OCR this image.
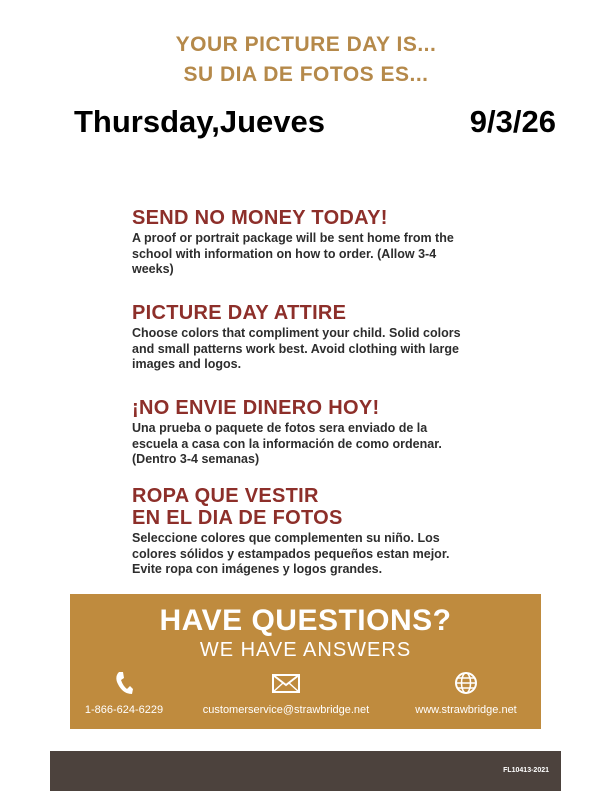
YOUR PICTURE DAY IS...
SU DIA DE FOTOS ES...
Thursday,Jueves	9/3/26
SEND NO MONEY TODAY!
A proof or portrait package will be sent home from the school with information on how to order. (Allow 3-4 weeks)
PICTURE DAY ATTIRE
Choose colors that compliment your child. Solid colors and small patterns work best. Avoid clothing with large images and logos.
¡NO ENVIE DINERO HOY!
Una prueba o paquete de fotos sera enviado de la escuela a casa con la información de como ordenar. (Dentro 3-4 semanas)
ROPA QUE VESTIR
EN EL DIA DE FOTOS
Seleccione colores que complementen su niño. Los colores sólidos y estampados pequeños estan mejor. Evite ropa con imágenes y logos grandes.
HAVE QUESTIONS?
WE HAVE ANSWERS
1-866-624-6229	customerservice@strawbridge.net	www.strawbridge.net
FL10413-2021
